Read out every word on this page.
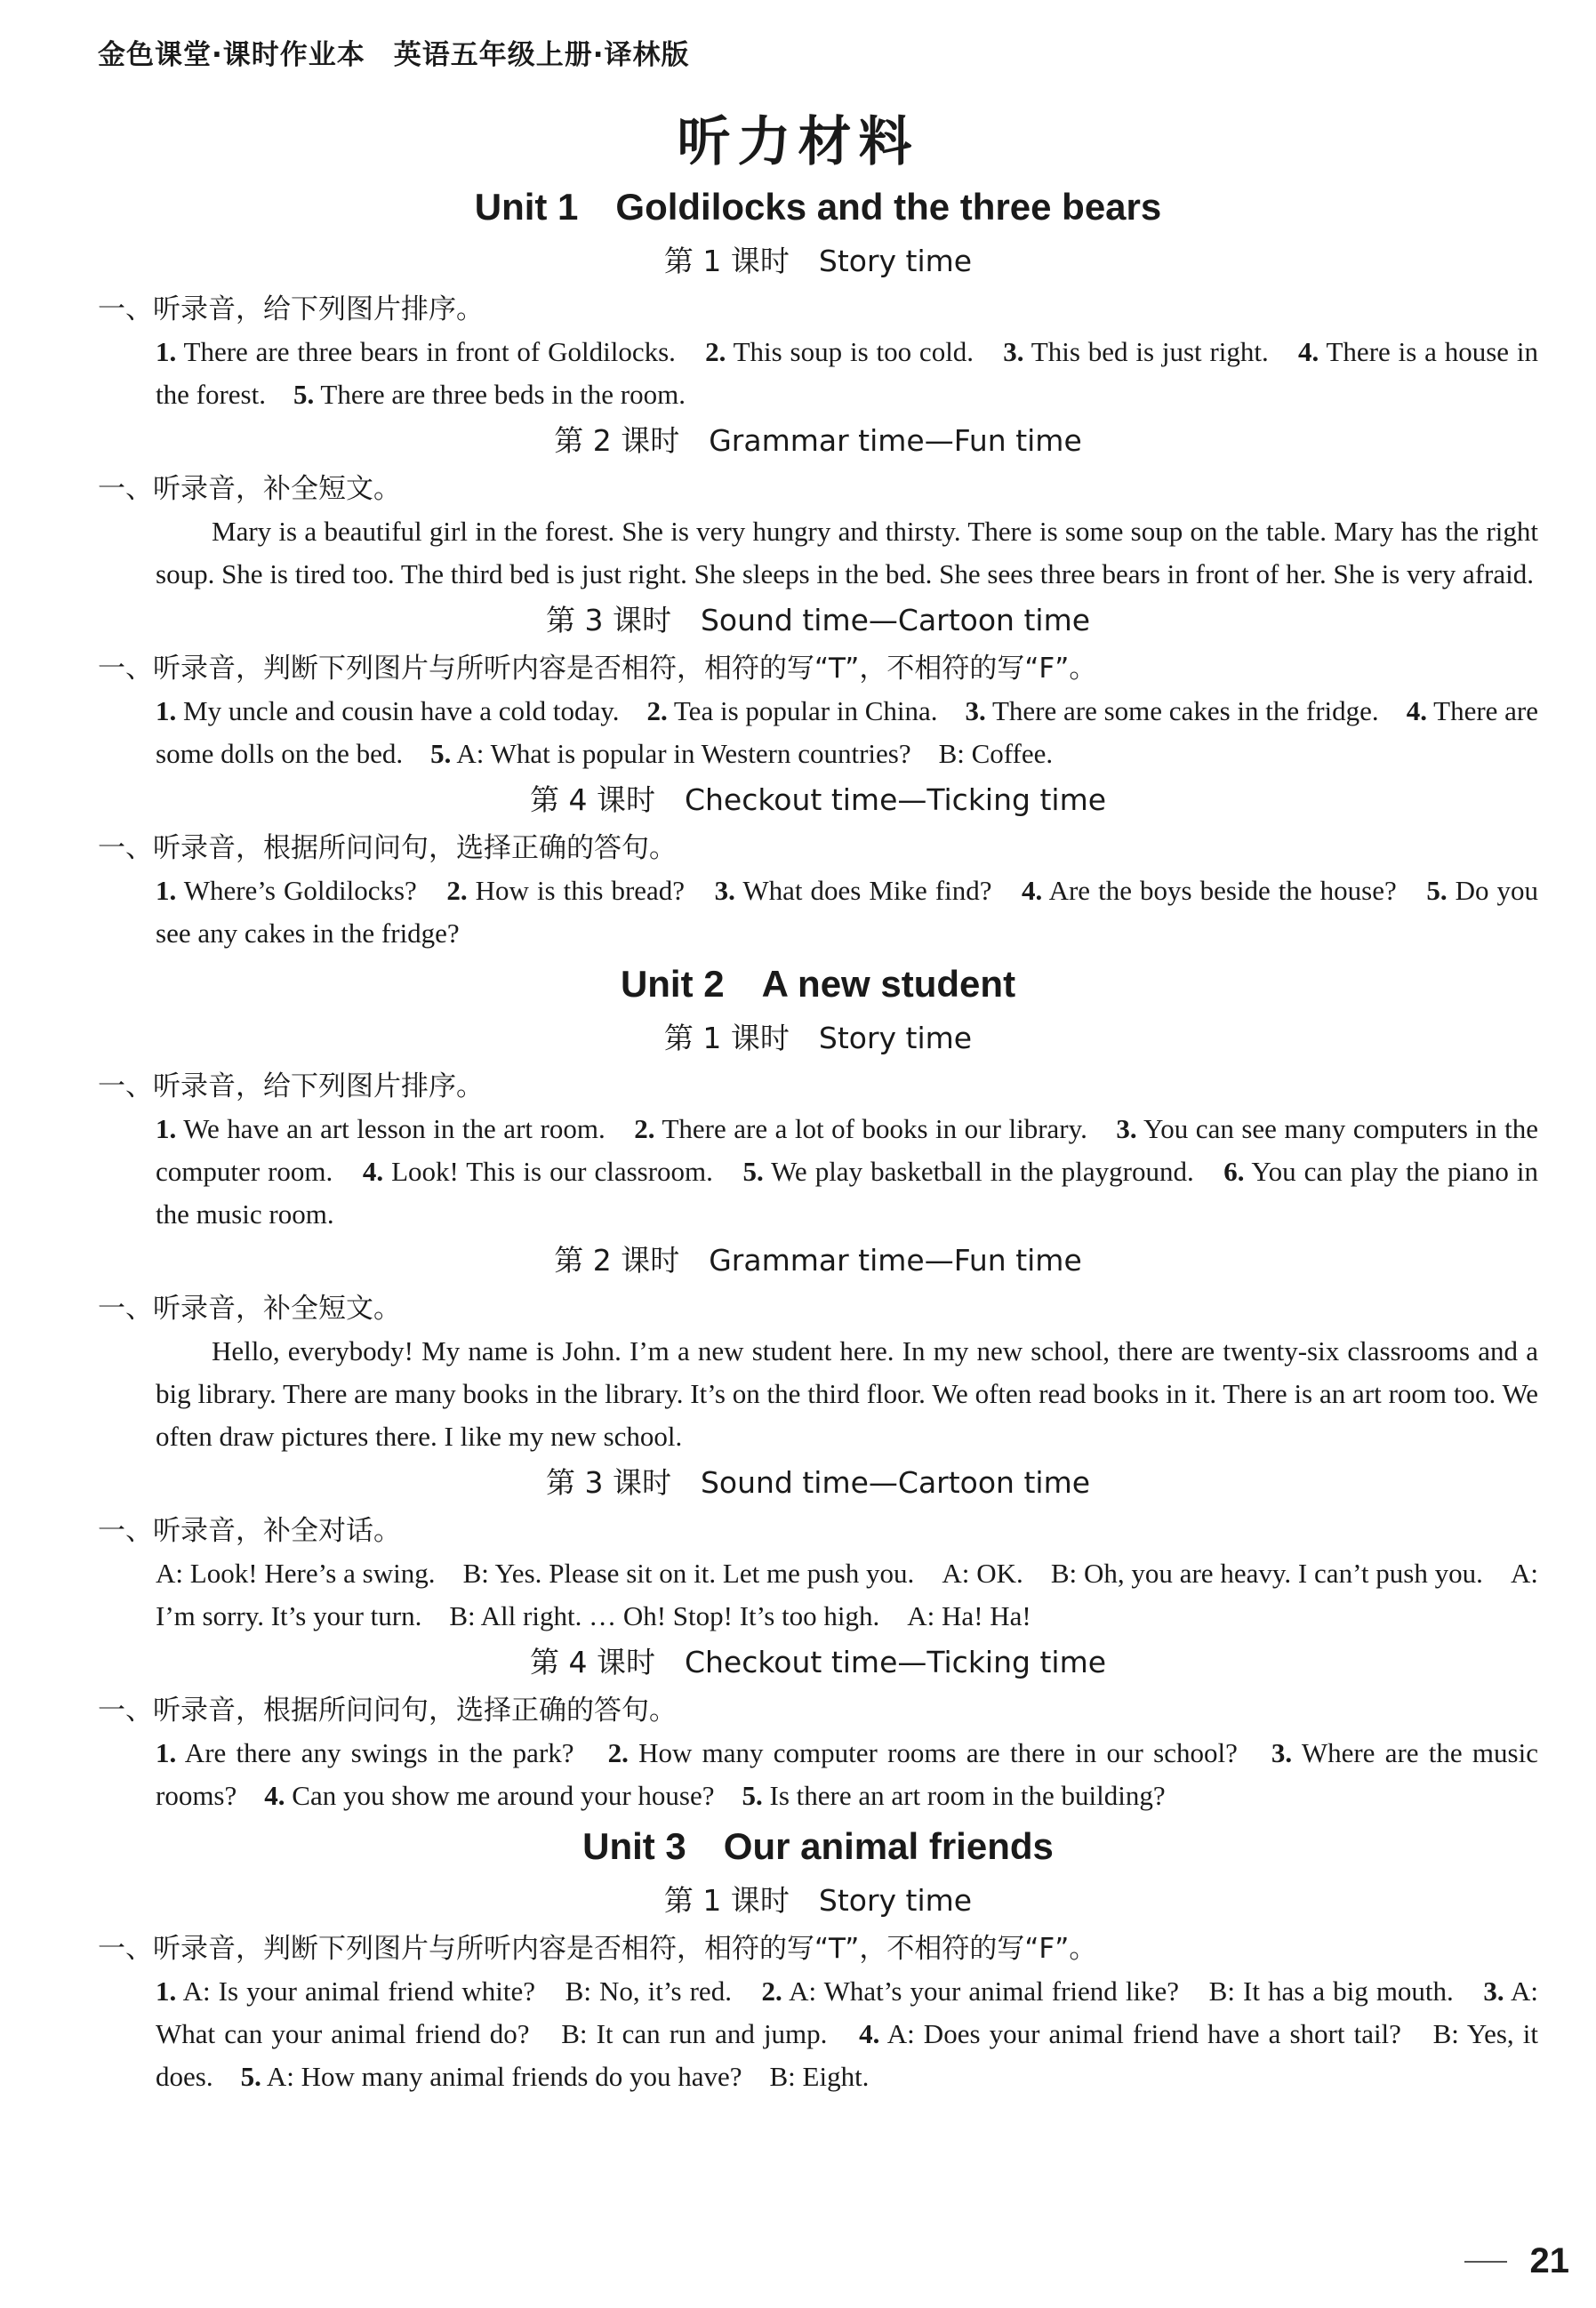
金色课堂·课时作业本　英语五年级上册·译林版
听力材料
Unit 1　Goldilocks and the three bears
第 1 课时　Story time
一、听录音，给下列图片排序。
1. There are three bears in front of Goldilocks.　2. This soup is too cold.　3. This bed is just right.　4. There is a house in the forest.　5. There are three beds in the room.
第 2 课时　Grammar time—Fun time
一、听录音，补全短文。
Mary is a beautiful girl in the forest. She is very hungry and thirsty. There is some soup on the table. Mary has the right soup. She is tired too. The third bed is just right. She sleeps in the bed. She sees three bears in front of her. She is very afraid.
第 3 课时　Sound time—Cartoon time
一、听录音，判断下列图片与所听内容是否相符，相符的写“T”，不相符的写“F”。
1. My uncle and cousin have a cold today.　2. Tea is popular in China.　3. There are some cakes in the fridge.　4. There are some dolls on the bed.　5. A: What is popular in Western countries?　B: Coffee.
第 4 课时　Checkout time—Ticking time
一、听录音，根据所问问句，选择正确的答句。
1. Where’s Goldilocks?　2. How is this bread?　3. What does Mike find?　4. Are the boys beside the house?　5. Do you see any cakes in the fridge?
Unit 2　A new student
第 1 课时　Story time
一、听录音，给下列图片排序。
1. We have an art lesson in the art room.　2. There are a lot of books in our library.　3. You can see many computers in the computer room.　4. Look! This is our classroom.　5. We play basketball in the playground.　6. You can play the piano in the music room.
第 2 课时　Grammar time—Fun time
一、听录音，补全短文。
Hello, everybody! My name is John. I’m a new student here. In my new school, there are twenty-six classrooms and a big library. There are many books in the library. It’s on the third floor. We often read books in it. There is an art room too. We often draw pictures there. I like my new school.
第 3 课时　Sound time—Cartoon time
一、听录音，补全对话。
A: Look! Here’s a swing.　B: Yes. Please sit on it. Let me push you.　A: OK.　B: Oh, you are heavy. I can’t push you.　A: I’m sorry. It’s your turn.　B: All right. … Oh! Stop! It’s too high.　A: Ha! Ha!
第 4 课时　Checkout time—Ticking time
一、听录音，根据所问问句，选择正确的答句。
1. Are there any swings in the park?　2. How many computer rooms are there in our school?　3. Where are the music rooms?　4. Can you show me around your house?　5. Is there an art room in the building?
Unit 3　Our animal friends
第 1 课时　Story time
一、听录音，判断下列图片与所听内容是否相符，相符的写“T”，不相符的写“F”。
1. A: Is your animal friend white?　B: No, it’s red.　2. A: What’s your animal friend like?　B: It has a big mouth.　3. A: What can your animal friend do?　B: It can run and jump.　4. A: Does your animal friend have a short tail?　B: Yes, it does.　5. A: How many animal friends do you have?　B: Eight.
21
